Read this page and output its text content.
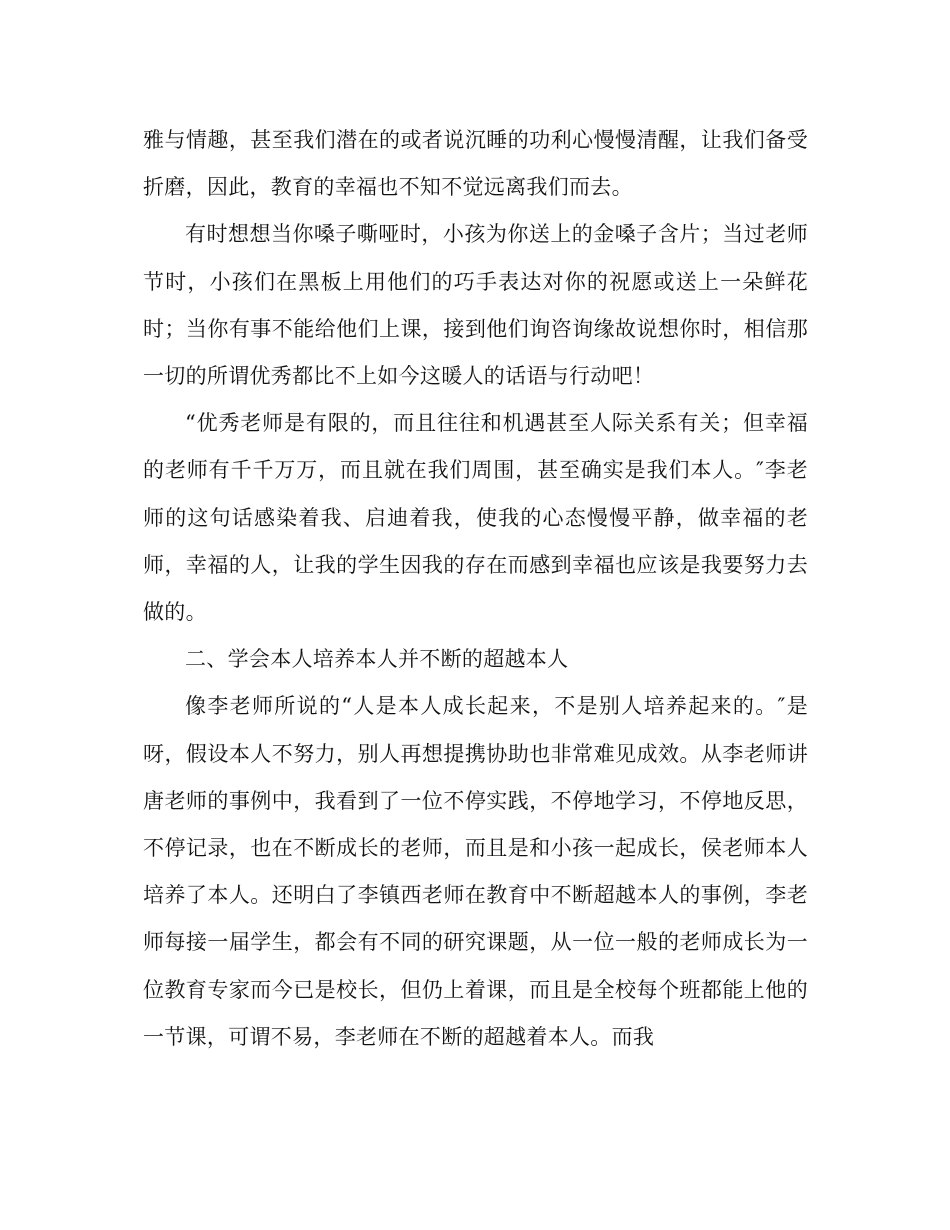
雅与情趣，甚至我们潜在的或者说沉睡的功利心慢慢清醒，让我们备受折磨，因此，教育的幸福也不知不觉远离我们而去。

有时想想当你嗓子嘶哑时，小孩为你送上的金嗓子含片；当过老师节时，小孩们在黑板上用他们的巧手表达对你的祝愿或送上一朵鲜花时；当你有事不能给他们上课，接到他们询咨询缘故说想你时，相信那一切的所谓优秀都比不上如今这暖人的话语与行动吧！

“优秀老师是有限的，而且往往和机遇甚至人际关系有关；但幸福的老师有千千万万，而且就在我们周围，甚至确实是我们本人。″李老师的这句话感染着我、启迪着我，使我的心态慢慢平静，做幸福的老师，幸福的人，让我的学生因我的存在而感到幸福也应该是我要努力去做的。

二、学会本人培养本人并不断的超越本人

像李老师所说的“人是本人成长起来，不是别人培养起来的。″是呀，假设本人不努力，别人再想提携协助也非常难见成效。从李老师讲唐老师的事例中，我看到了一位不停实践，不停地学习，不停地反思，不停记录，也在不断成长的老师，而且是和小孩一起成长，侯老师本人培养了本人。还明白了李镇西老师在教育中不断超越本人的事例，李老师每接一届学生，都会有不同的研究课题，从一位一般的老师成长为一位教育专家而今已是校长，但仍上着课，而且是全校每个班都能上他的一节课，可谓不易，李老师在不断的超越着本人。而我
